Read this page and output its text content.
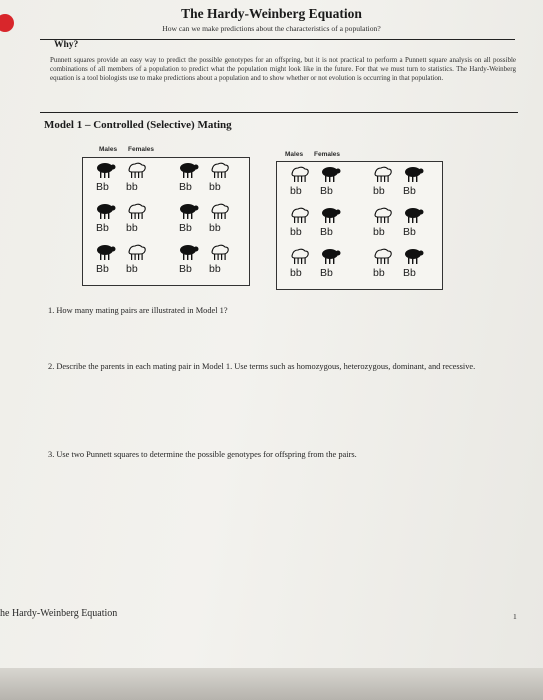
The Hardy-Weinberg Equation
How can we make predictions about the characteristics of a population?
Why?
Punnett squares provide an easy way to predict the possible genotypes for an offspring, but it is not practical to perform a Punnett square analysis on all possible combinations of all members of a population to predict what the population might look like in the future. For that we must turn to statistics. The Hardy-Weinberg equation is a tool biologists use to make predictions about a population and to show whether or not evolution is occurring in that population.
Model 1 – Controlled (Selective) Mating
Males Females
Males Females
Bb bb	Bb bb
Bb bb	Bb bb
Bb bb	Bb bb
bb Bb	bb Bb
bb Bb	bb Bb
bb Bb	bb Bb
1. How many mating pairs are illustrated in Model 1?
2. Describe the parents in each mating pair in Model 1. Use terms such as homozygous, heterozygous, dominant, and recessive.
3. Use two Punnett squares to determine the possible genotypes for offspring from the pairs.
he Hardy-Weinberg Equation	1
